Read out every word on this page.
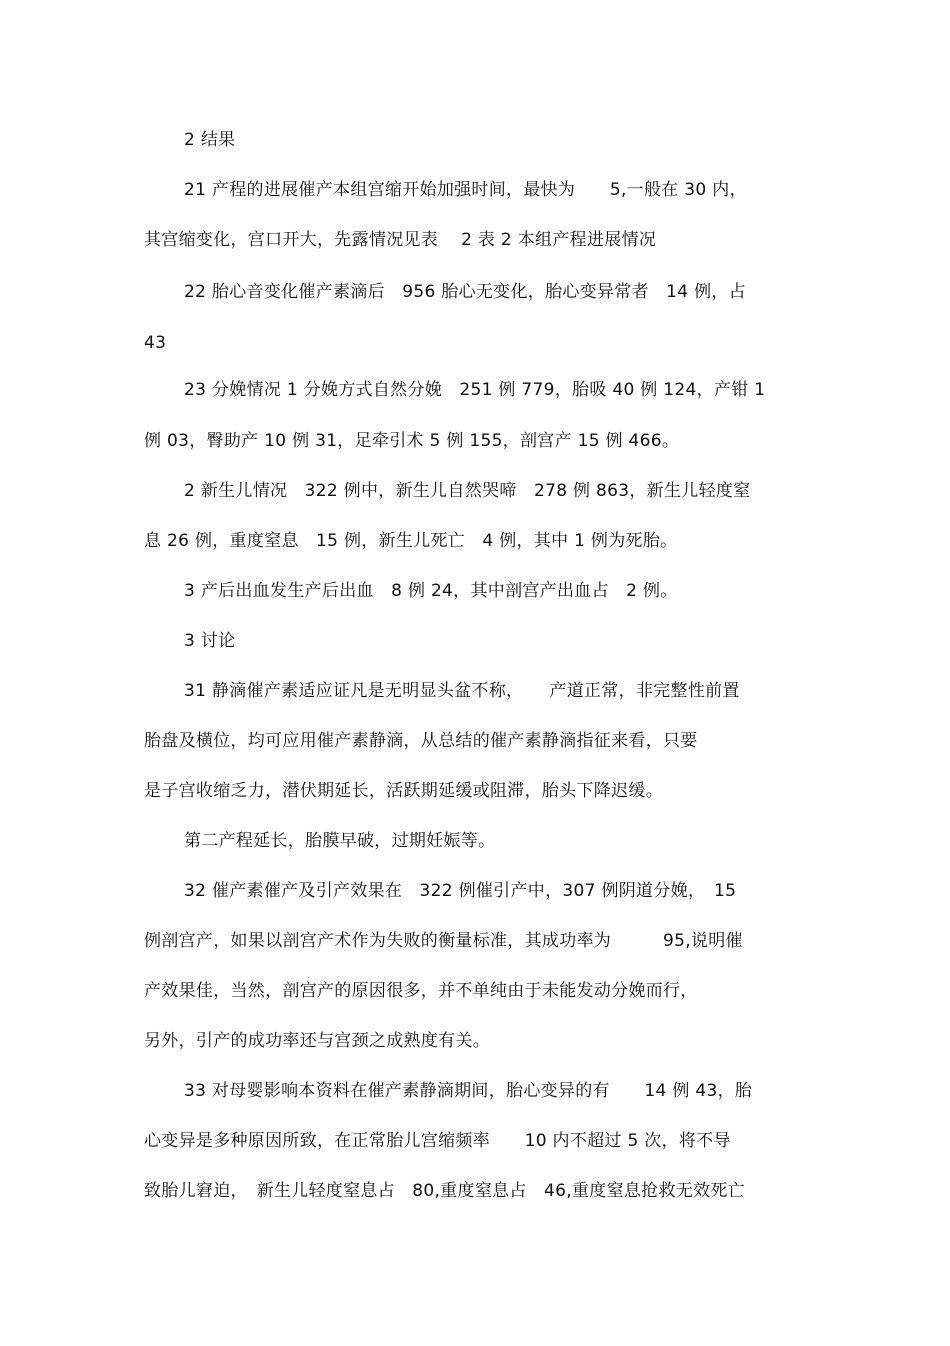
2 结果
21 产程的进展催产本组宫缩开始加强时间，最快为　　5,一般在 30 内，
其宫缩变化，宫口开大，先露情况见表　 2 表 2 本组产程进展情况
22 胎心音变化催产素滴后　956 胎心无变化，胎心变异常者　14 例，占
43
23 分娩情况 1 分娩方式自然分娩　251 例 779，胎吸 40 例 124，产钳 1
例 03，臀助产 10 例 31，足牵引术 5 例 155，剖宫产 15 例 466。
2 新生儿情况　322 例中，新生儿自然哭啼　278 例 863，新生儿轻度窒
息 26 例，重度窒息　15 例，新生儿死亡　4 例，其中 1 例为死胎。
3 产后出血发生产后出血　8 例 24，其中剖宫产出血占　2 例。
3 讨论
31 静滴催产素适应证凡是无明显头盆不称，　　产道正常，非完整性前置
胎盘及横位，均可应用催产素静滴，从总结的催产素静滴指征来看，只要
是子宫收缩乏力，潜伏期延长，活跃期延缓或阻滞，胎头下降迟缓。
第二产程延长，胎膜早破，过期妊娠等。
32 催产素催产及引产效果在　322 例催引产中，307 例阴道分娩，　15
例剖宫产，如果以剖宫产术作为失败的衡量标准，其成功率为　　　95,说明催
产效果佳，当然，剖宫产的原因很多，并不单纯由于未能发动分娩而行，
另外，引产的成功率还与宫颈之成熟度有关。
33 对母婴影响本资料在催产素静滴期间，胎心变异的有　　14 例 43，胎
心变异是多种原因所致，在正常胎儿宫缩频率　　10 内不超过 5 次，将不导
致胎儿窘迫，　新生儿轻度窒息占　80,重度窒息占　46,重度窒息抢救无效死亡
